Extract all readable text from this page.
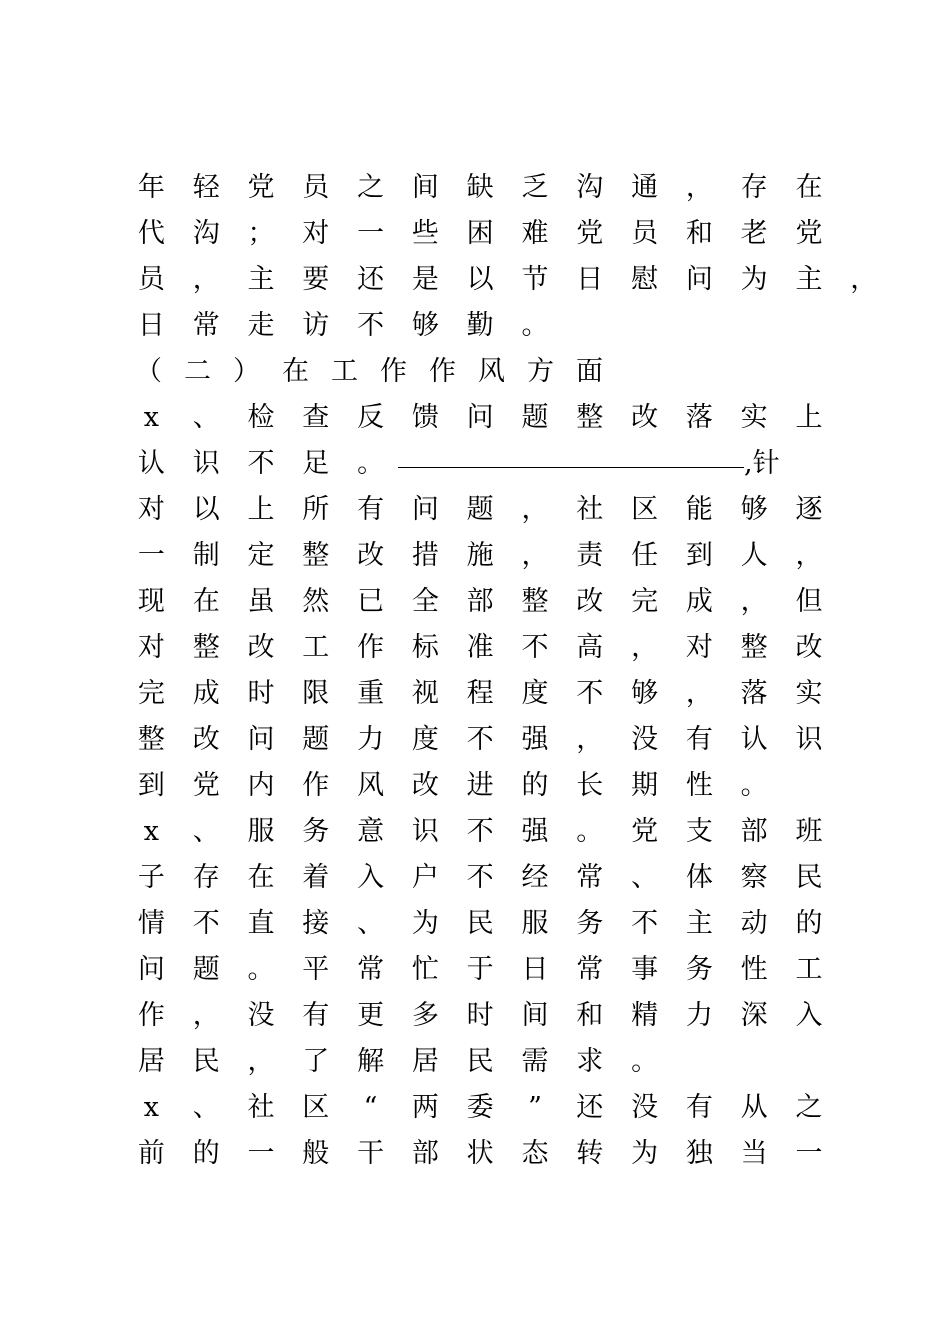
年 轻 党 员 之 间 缺 乏 沟 通 ， 存 在
代 沟 ； 对 一 些 困 难 党 员 和 老 党
员 ， 主 要 还 是 以 节 日 慰 问 为 主 ，
日 常 走 访 不 够 勤 。
（ 二 ） 在 工 作 作 风 方 面
x 、 检 查 反 馈 问 题 整 改 落 实 上
认 识 不 足 。	,针
对 以 上 所 有 问 题 ， 社 区 能 够 逐
一 制 定 整 改 措 施 ， 责 任 到 人 ，
现 在 虽 然 已 全 部 整 改 完 成 ， 但
对 整 改 工 作 标 准 不 高 ， 对 整 改
完 成 时 限 重 视 程 度 不 够 ， 落 实
整 改 问 题 力 度 不 强 ， 没 有 认 识
到 党 内 作 风 改 进 的 长 期 性 。
x 、 服 务 意 识 不 强 。 党 支 部 班
子 存 在 着 入 户 不 经 常 、 体 察 民
情 不 直 接 、 为 民 服 务 不 主 动 的
问 题 。 平 常 忙 于 日 常 事 务 性 工
作 ， 没 有 更 多 时 间 和 精 力 深 入
居 民 ， 了 解 居 民 需 求 。
x 、 社 区 “ 两 委 ” 还 没 有 从 之
前 的 一 般 干 部 状 态 转 为 独 当 一
